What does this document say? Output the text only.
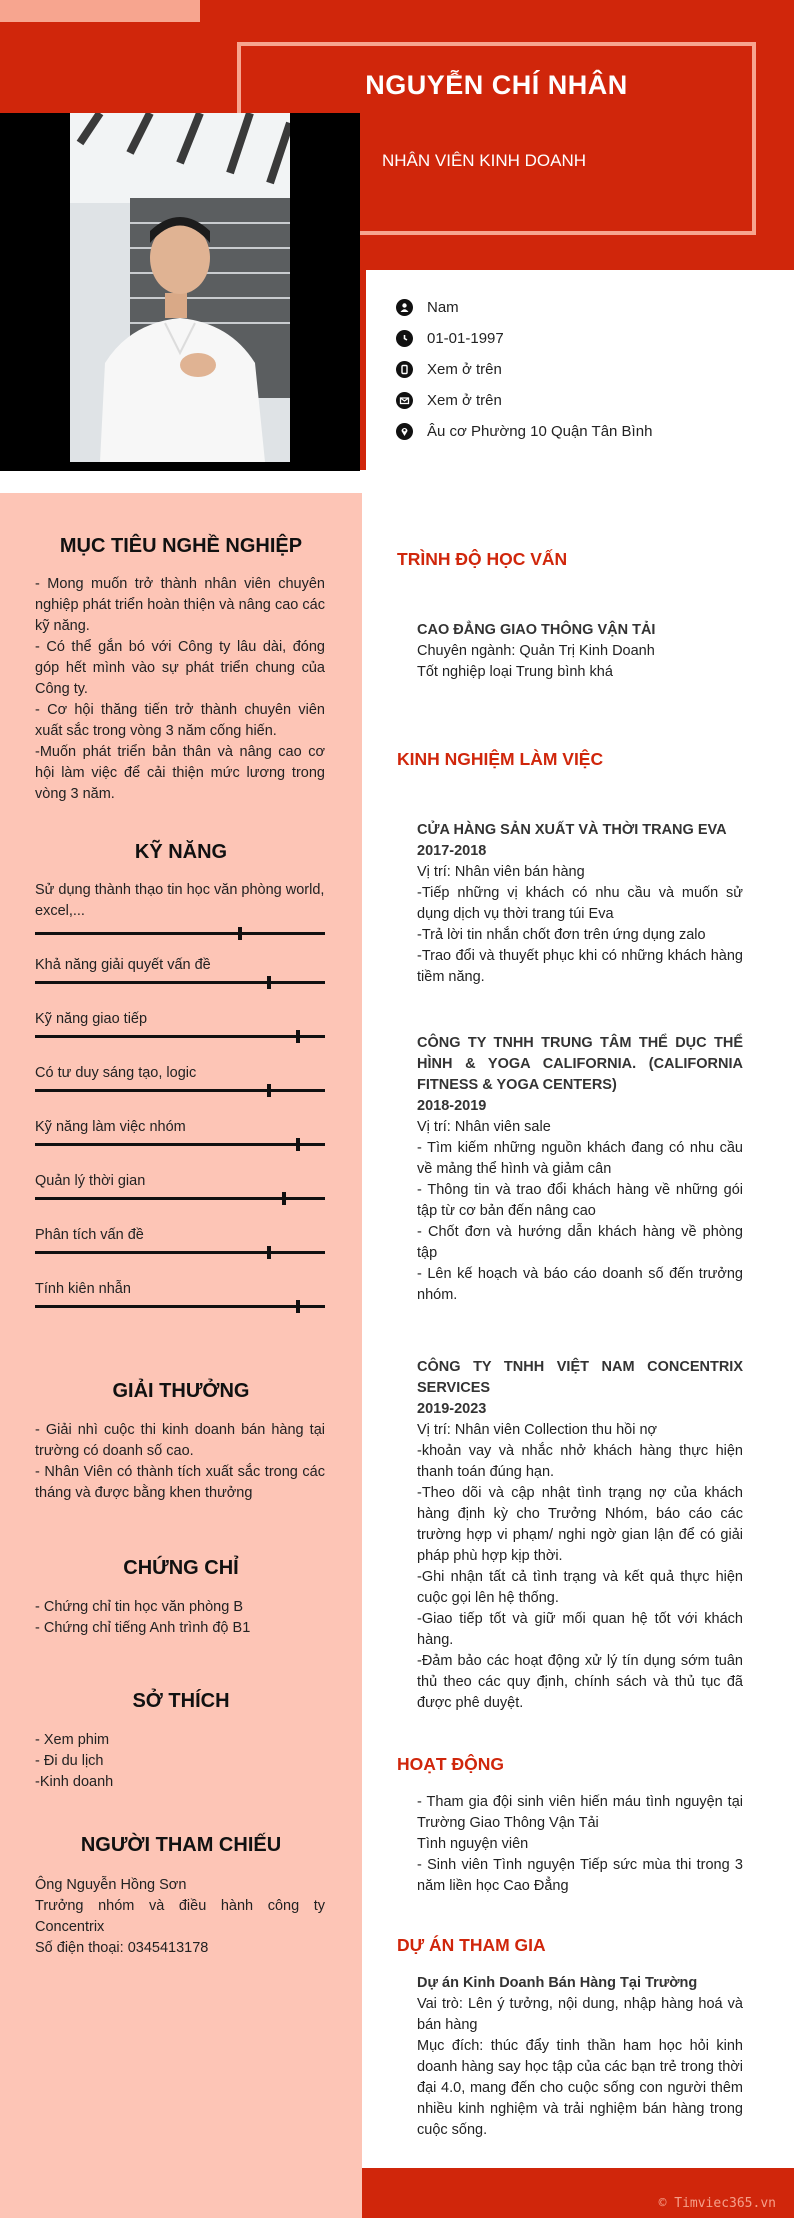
NGUYỄN CHÍ NHÂN
NHÂN VIÊN KINH DOANH
Nam
01-01-1997
Xem ở trên
Xem ở trên
Âu cơ Phường 10 Quận Tân Bình
MỤC TIÊU NGHỀ NGHIỆP

- Mong muốn trở thành nhân viên chuyên nghiệp phát triển hoàn thiện và nâng cao các kỹ năng.

- Có thể gắn bó với Công ty lâu dài, đóng góp hết mình vào sự phát triển chung của Công ty.

- Cơ hội thăng tiến trở thành chuyên viên xuất sắc trong vòng 3 năm cống hiến.

-Muốn phát triển bản thân và nâng cao cơ hội làm việc để cải thiện mức lương trong vòng 3 năm.

KỸ NĂNG
Sử dụng thành thạo tin học văn phòng world, excel,...
Khả năng giải quyết vấn đề
Kỹ năng giao tiếp
Có tư duy sáng tạo, logic
Kỹ năng làm việc nhóm
Quản lý thời gian
Phân tích vấn đề
Tính kiên nhẫn
GIẢI THƯỞNG

- Giải nhì cuộc thi kinh doanh bán hàng tại trường có doanh số cao.

- Nhân Viên có thành tích xuất sắc trong các tháng và được bằng khen thưởng

CHỨNG CHỈ

- Chứng chỉ tin học văn phòng B

- Chứng chỉ tiếng Anh trình độ B1

SỞ THÍCH

- Xem phim

- Đi du lịch

-Kinh doanh

NGƯỜI THAM CHIẾU

Ông Nguyễn Hồng Sơn

Trưởng nhóm và điều hành công ty Concentrix

Số điện thoại: 0345413178

TRÌNH ĐỘ HỌC VẤN

CAO ĐẲNG GIAO THÔNG VẬN TẢI

Chuyên ngành: Quản Trị Kinh Doanh

Tốt nghiệp loại Trung bình khá

KINH NGHIỆM LÀM VIỆC

CỬA HÀNG SẢN XUẤT VÀ THỜI TRANG EVA

2017-2018

Vị trí: Nhân viên bán hàng

-Tiếp những vị khách có nhu cầu và muốn sử dụng dịch vụ thời trang túi Eva

-Trả lời tin nhắn chốt đơn trên ứng dụng zalo

-Trao đổi và thuyết phục khi có những khách hàng tiềm năng.

CÔNG TY TNHH TRUNG TÂM THỂ DỤC THỂ HÌNH & YOGA CALIFORNIA. (CALIFORNIA FITNESS & YOGA CENTERS)

2018-2019

Vị trí: Nhân viên sale

- Tìm kiếm những nguồn khách đang có nhu cầu về mảng thể hình và giảm cân

- Thông tin và trao đổi khách hàng về những gói tập từ cơ bản đến nâng cao

- Chốt đơn và hướng dẫn khách hàng về phòng tập

- Lên kế hoạch và báo cáo doanh số đến trưởng nhóm.

CÔNG TY TNHH VIỆT NAM CONCENTRIX SERVICES

2019-2023

Vị trí: Nhân viên Collection thu hồi nợ

-khoản vay và nhắc nhở khách hàng thực hiện thanh toán đúng hạn.

-Theo dõi và cập nhật tình trạng nợ của khách hàng định kỳ cho Trưởng Nhóm, báo cáo các trường hợp vi phạm/ nghi ngờ gian lận để có giải pháp phù hợp kịp thời.

-Ghi nhận tất cả tình trạng và kết quả thực hiện cuộc gọi lên hệ thống.

-Giao tiếp tốt và giữ mối quan hệ tốt với khách hàng.

-Đảm bảo các hoạt động xử lý tín dụng sớm tuân thủ theo các quy định, chính sách và thủ tục đã được phê duyệt.

HOẠT ĐỘNG

- Tham gia đội sinh viên hiến máu tình nguyện tại Trường Giao Thông Vận Tải

Tình nguyện viên

- Sinh viên Tình nguyện Tiếp sức mùa thi trong 3 năm liền học Cao Đẳng

DỰ ÁN THAM GIA

Dự án Kinh Doanh Bán Hàng Tại Trường

Vai trò: Lên ý tưởng, nội dung, nhập hàng hoá và bán hàng

Mục đích: thúc đẩy tinh thần ham học hỏi kinh doanh hàng say học tập của các bạn trẻ trong thời đại 4.0, mang đến cho cuộc sống con người thêm nhiều kinh nghiệm và trải nghiệm bán hàng trong cuộc sống.

© Timviec365.vn
